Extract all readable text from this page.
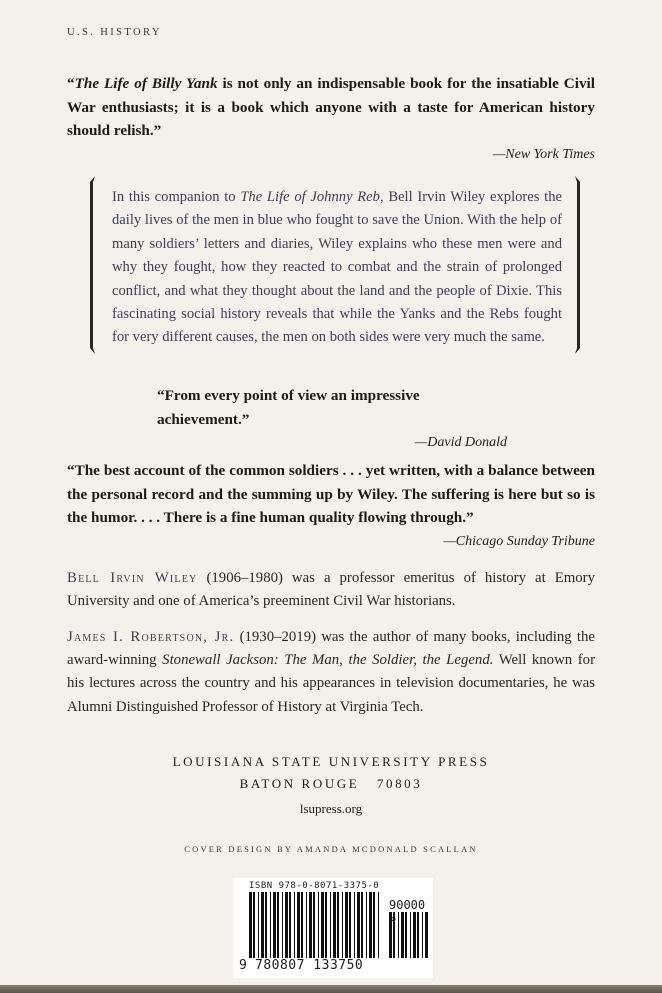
U.S. HISTORY
“The Life of Billy Yank is not only an indispensable book for the insatiable Civil War enthusiasts; it is a book which anyone with a taste for American history should relish.”
—New York Times
In this companion to The Life of Johnny Reb, Bell Irvin Wiley explores the daily lives of the men in blue who fought to save the Union. With the help of many soldiers’ letters and diaries, Wiley explains who these men were and why they fought, how they reacted to combat and the strain of prolonged conflict, and what they thought about the land and the people of Dixie. This fascinating social history reveals that while the Yanks and the Rebs fought for very different causes, the men on both sides were very much the same.
“From every point of view an impressive achievement.”
—David Donald
“The best account of the common soldiers . . . yet written, with a balance between the personal record and the summing up by Wiley. The suffering is here but so is the humor. . . . There is a fine human quality flowing through.”
—Chicago Sunday Tribune
Bell Irvin Wiley (1906–1980) was a professor emeritus of history at Emory University and one of America’s preeminent Civil War historians.
James I. Robertson, Jr. (1930–2019) was the author of many books, including the award-winning Stonewall Jackson: The Man, the Soldier, the Legend. Well known for his lectures across the country and his appearances in television documentaries, he was Alumni Distinguished Professor of History at Virginia Tech.
LOUISIANA STATE UNIVERSITY PRESS
BATON ROUGE   70803
lsupress.org
COVER DESIGN BY AMANDA MCDONALD SCALLAN
ISBN 978-0-8071-3375-0
90000 >
9 780807 133750
